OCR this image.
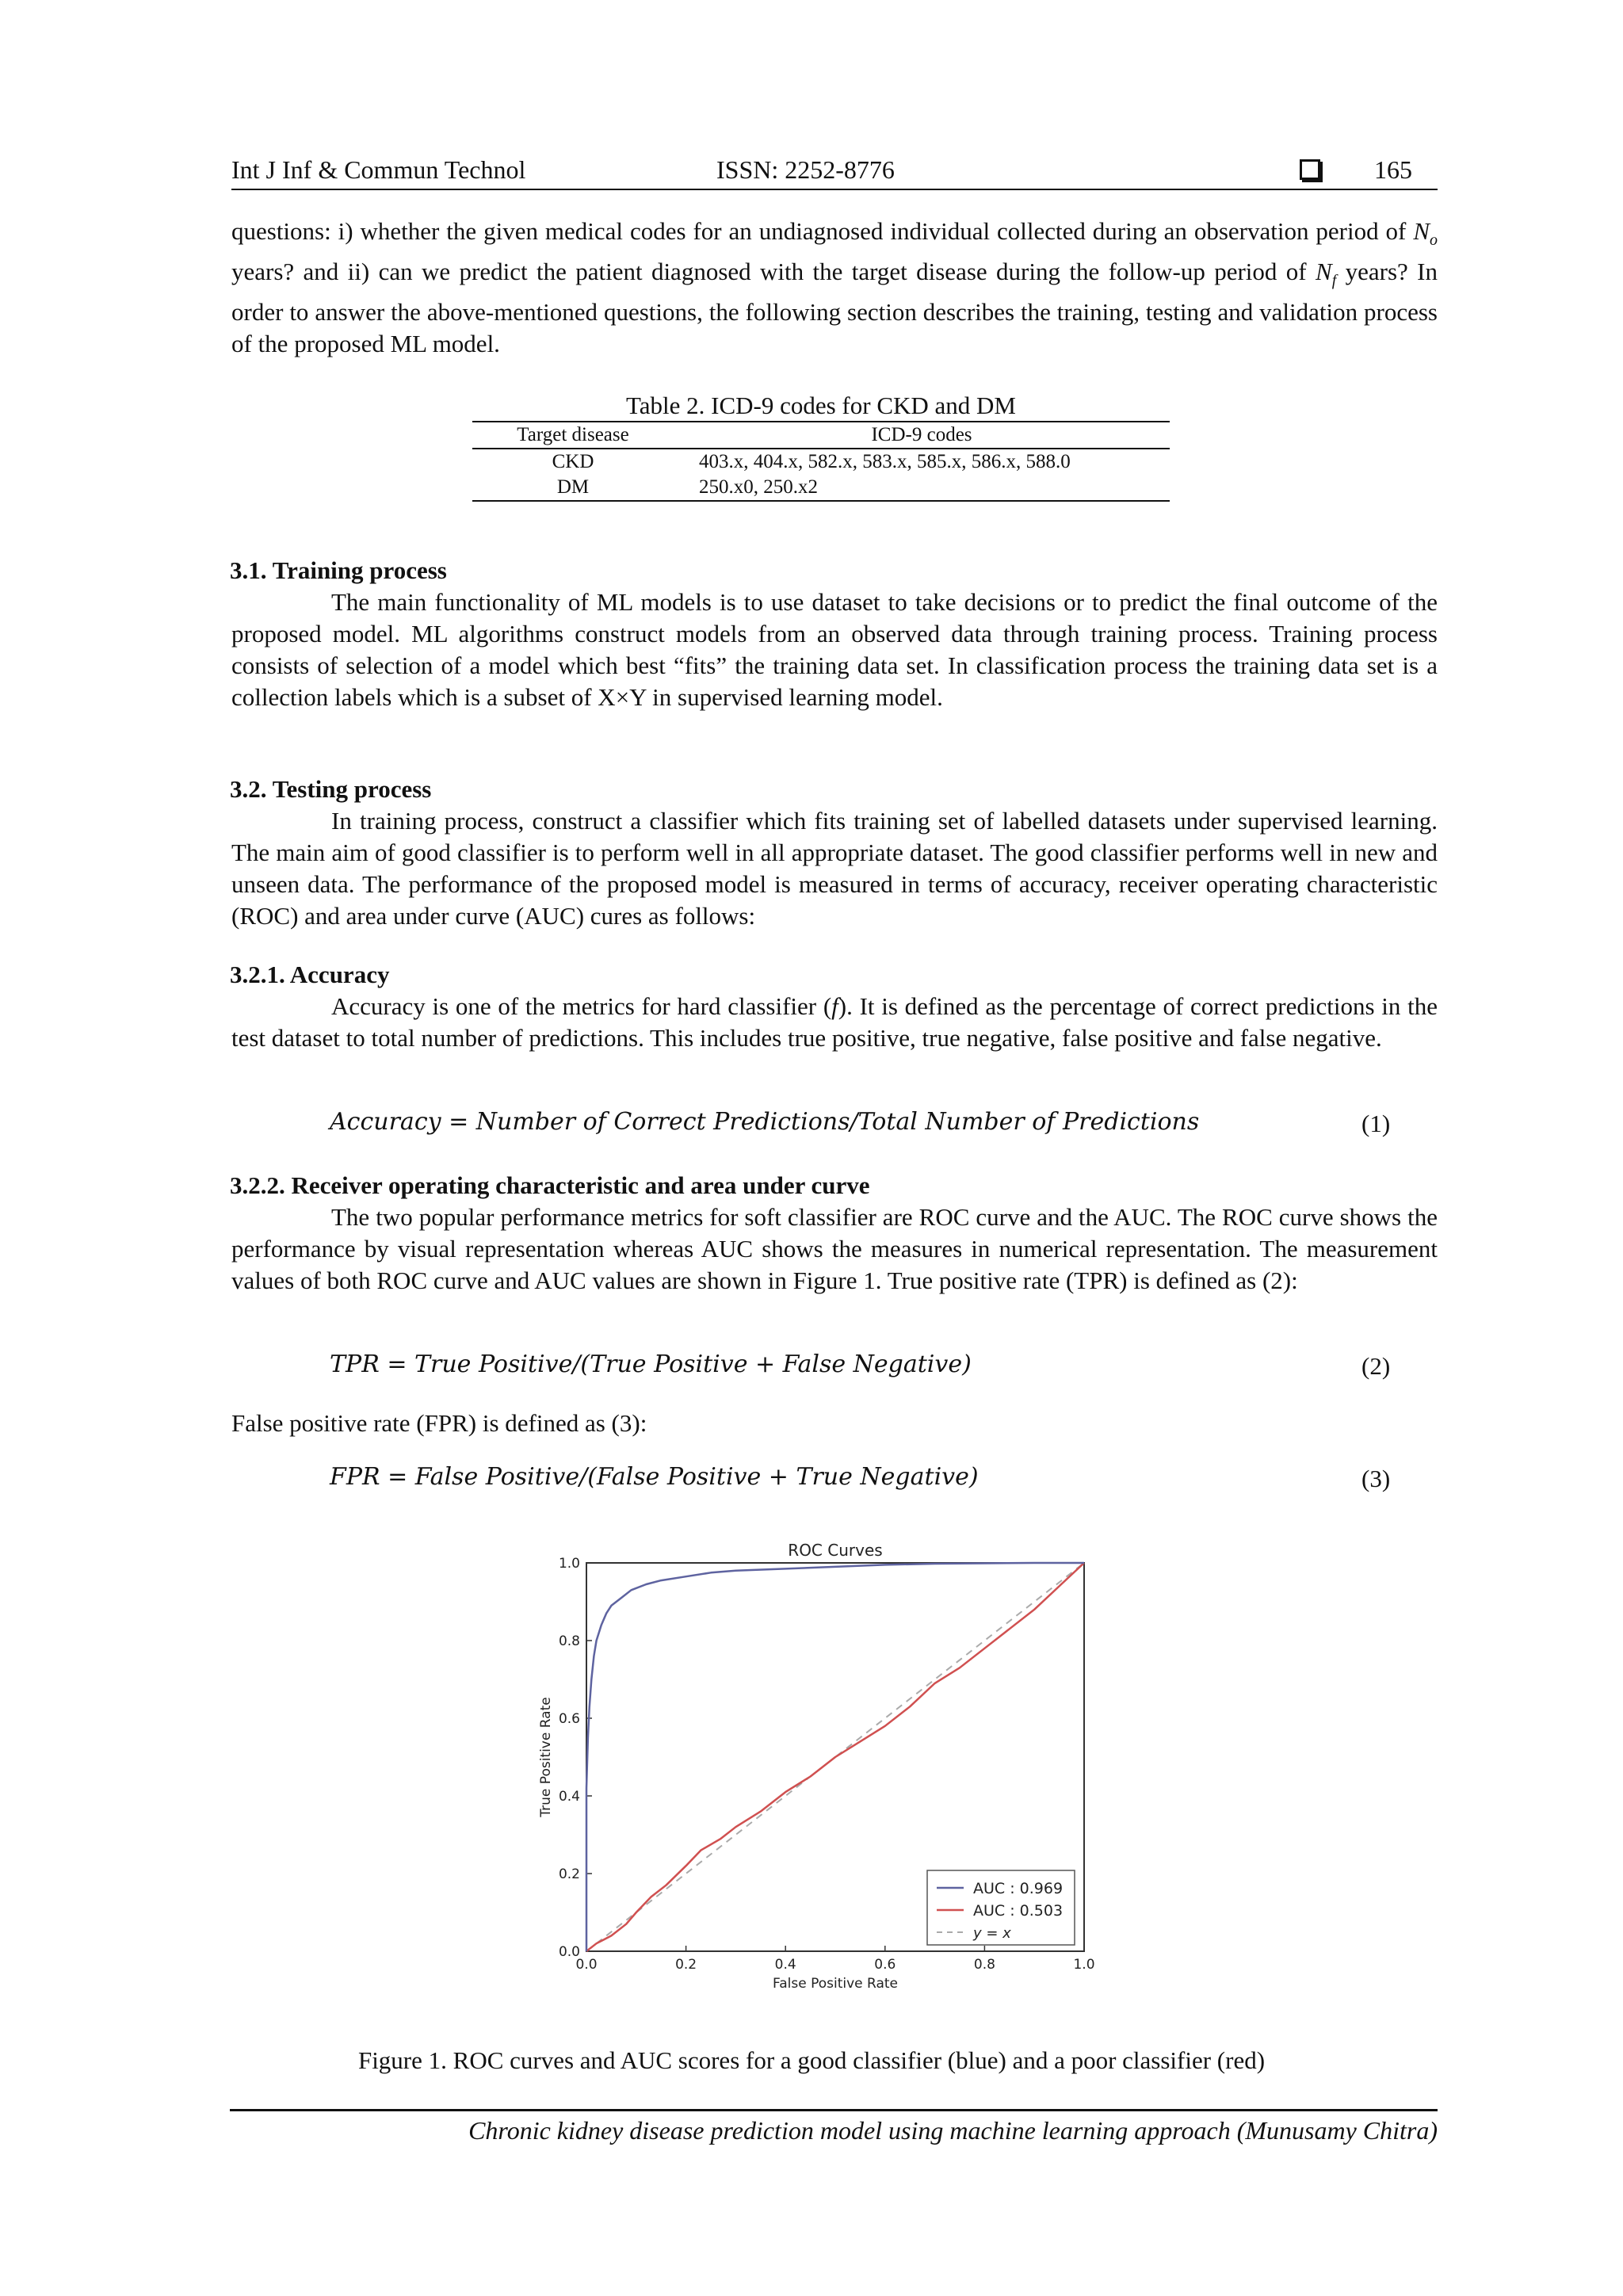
Int J Inf & Commun Technol	ISSN: 2252-8776	165
questions: i) whether the given medical codes for an undiagnosed individual collected during an observation period of $N_o$ years? and ii) can we predict the patient diagnosed with the target disease during the follow-up period of $N_f$ years? In order to answer the above-mentioned questions, the following section describes the training, testing and validation process of the proposed ML model.
Table 2. ICD-9 codes for CKD and DM
Target disease	ICD-9 codes
CKD	403.x, 404.x, 582.x, 583.x, 585.x, 586.x, 588.0
DM	250.x0, 250.x2
3.1. Training process
The main functionality of ML models is to use dataset to take decisions or to predict the final outcome of the proposed model. ML algorithms construct models from an observed data through training process. Training process consists of selection of a model which best “fits” the training data set. In classification process the training data set is a collection labels which is a subset of X×Y in supervised learning model.
3.2. Testing process
In training process, construct a classifier which fits training set of labelled datasets under supervised learning. The main aim of good classifier is to perform well in all appropriate dataset. The good classifier performs well in new and unseen data. The performance of the proposed model is measured in terms of accuracy, receiver operating characteristic (ROC) and area under curve (AUC) cures as follows:
3.2.1. Accuracy
Accuracy is one of the metrics for hard classifier (f). It is defined as the percentage of correct predictions in the test dataset to total number of predictions. This includes true positive, true negative, false positive and false negative.
Accuracy = Number of Correct Predictions/Total Number of Predictions	(1)
3.2.2. Receiver operating characteristic and area under curve
The two popular performance metrics for soft classifier are ROC curve and the AUC. The ROC curve shows the performance by visual representation whereas AUC shows the measures in numerical representation. The measurement values of both ROC curve and AUC values are shown in Figure 1. True positive rate (TPR) is defined as (2):
TPR = True Positive/(True Positive + False Negative)	(2)
False positive rate (FPR) is defined as (3):
FPR = False Positive/(False Positive + True Negative)	(3)
ROC Curves
False Positive Rate
True Positive Rate
0.0	0.2	0.4	0.6	0.8	1.0
0.0
0.2
0.4
0.6
0.8
1.0
AUC : 0.969
AUC : 0.503
y = x
Figure 1. ROC curves and AUC scores for a good classifier (blue) and a poor classifier (red)
Chronic kidney disease prediction model using machine learning approach (Munusamy Chitra)
